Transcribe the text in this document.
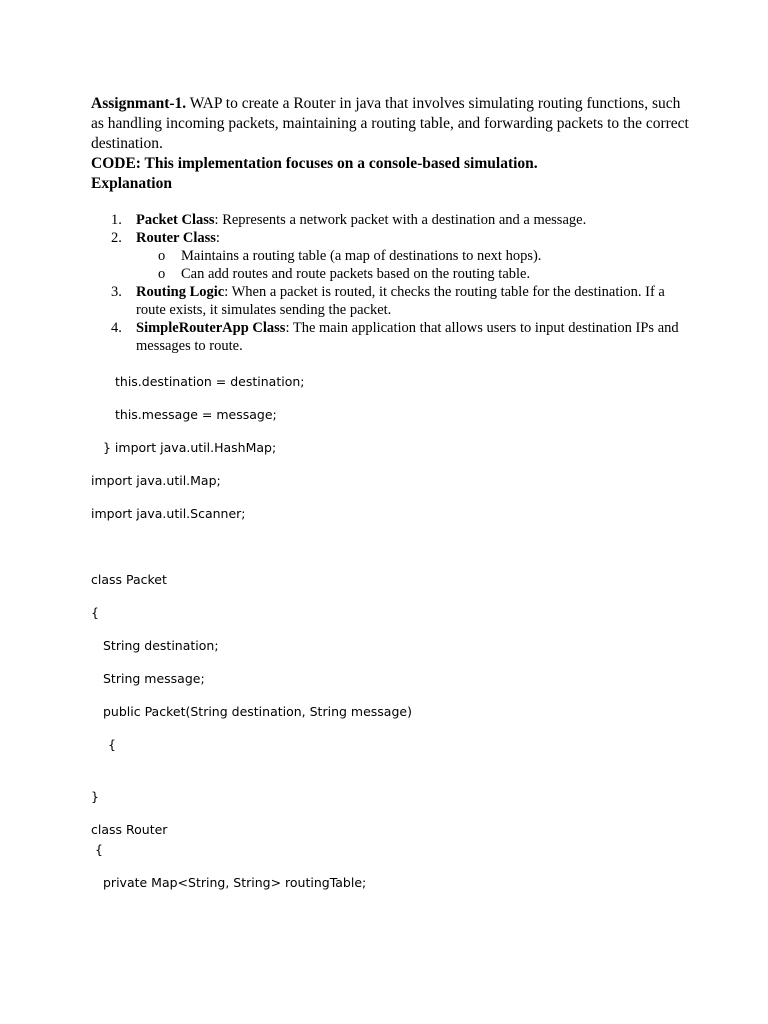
Assignmant-1. WAP to create a Router in java that involves simulating routing functions, such as handling incoming packets, maintaining a routing table, and forwarding packets to the correct destination.

CODE: This implementation focuses on a console-based simulation.

Explanation

1. Packet Class: Represents a network packet with a destination and a message.
2. Router Class:
o Maintains a routing table (a map of destinations to next hops).
o Can add routes and route packets based on the routing table.
3. Routing Logic: When a packet is routed, it checks the routing table for the destination. If a route exists, it simulates sending the packet.
4. SimpleRouterApp Class: The main application that allows users to input destination IPs and messages to route.
this.destination = destination;
this.message = message;
} import java.util.HashMap;
import java.util.Map;
import java.util.Scanner;
class Packet
{
String destination;
String message;
public Packet(String destination, String message)
{
}
class Router
{
private Map<String, String> routingTable;
